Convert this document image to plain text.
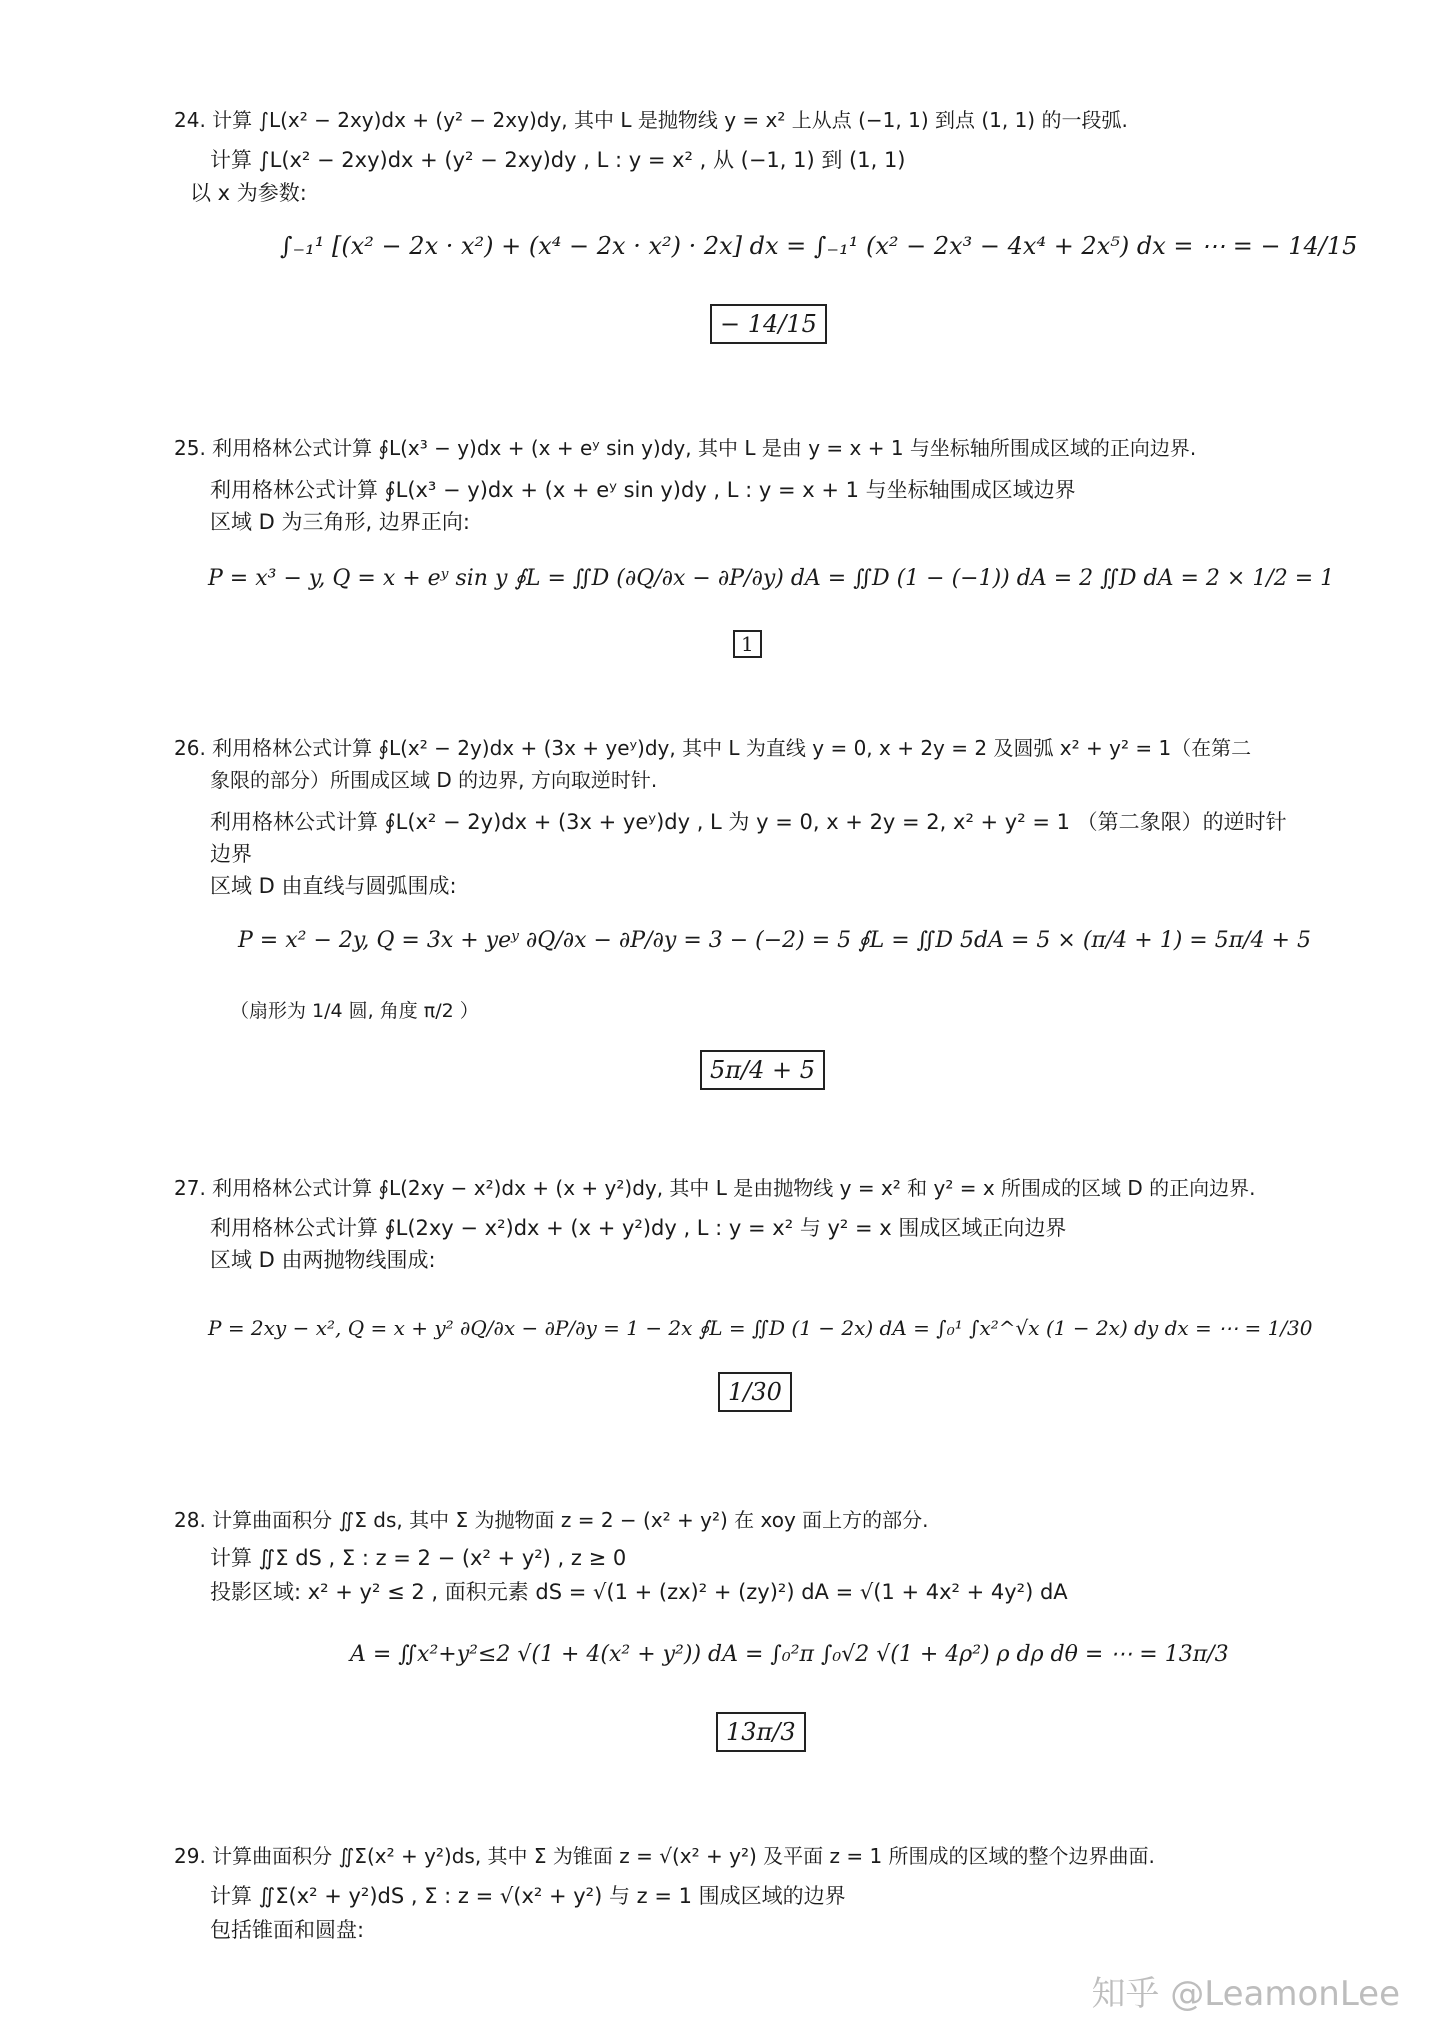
24. 计算 ∫L(x² − 2xy)dx + (y² − 2xy)dy, 其中 L 是抛物线 y = x² 上从点 (−1, 1) 到点 (1, 1) 的一段弧.
计算 ∫L(x² − 2xy)dx + (y² − 2xy)dy , L : y = x² , 从 (−1, 1) 到 (1, 1)
以 x 为参数:
∫₋₁¹ [(x² − 2x · x²) + (x⁴ − 2x · x²) · 2x] dx = ∫₋₁¹ (x² − 2x³ − 4x⁴ + 2x⁵) dx = ⋯ = − 14/15
− 14/15
25. 利用格林公式计算 ∮L(x³ − y)dx + (x + eʸ sin y)dy, 其中 L 是由 y = x + 1 与坐标轴所围成区域的正向边界.
利用格林公式计算 ∮L(x³ − y)dx + (x + eʸ sin y)dy , L : y = x + 1 与坐标轴围成区域边界
区域 D 为三角形, 边界正向:
P = x³ − y, Q = x + eʸ sin y ∮L = ∬D (∂Q/∂x − ∂P/∂y) dA = ∬D (1 − (−1)) dA = 2 ∬D dA = 2 × 1/2 = 1
1
26. 利用格林公式计算 ∮L(x² − 2y)dx + (3x + yeʸ)dy, 其中 L 为直线 y = 0, x + 2y = 2 及圆弧 x² + y² = 1（在第二
象限的部分）所围成区域 D 的边界, 方向取逆时针.
利用格林公式计算 ∮L(x² − 2y)dx + (3x + yeʸ)dy , L 为 y = 0, x + 2y = 2, x² + y² = 1 （第二象限）的逆时针
边界
区域 D 由直线与圆弧围成:
P = x² − 2y, Q = 3x + yeʸ ∂Q/∂x − ∂P/∂y = 3 − (−2) = 5 ∮L = ∬D 5dA = 5 × (π/4 + 1) = 5π/4 + 5
（扇形为 1/4 圆, 角度 π/2 ）
5π/4 + 5
27. 利用格林公式计算 ∮L(2xy − x²)dx + (x + y²)dy, 其中 L 是由抛物线 y = x² 和 y² = x 所围成的区域 D 的正向边界.
利用格林公式计算 ∮L(2xy − x²)dx + (x + y²)dy , L : y = x² 与 y² = x 围成区域正向边界
区域 D 由两抛物线围成:
P = 2xy − x², Q = x + y² ∂Q/∂x − ∂P/∂y = 1 − 2x ∮L = ∬D (1 − 2x) dA = ∫₀¹ ∫x²^√x (1 − 2x) dy dx = ⋯ = 1/30
1/30
28. 计算曲面积分 ∬Σ ds, 其中 Σ 为抛物面 z = 2 − (x² + y²) 在 xoy 面上方的部分.
计算 ∬Σ dS , Σ : z = 2 − (x² + y²) , z ≥ 0
投影区域: x² + y² ≤ 2 , 面积元素 dS = √(1 + (zx)² + (zy)²) dA = √(1 + 4x² + 4y²) dA
A = ∬x²+y²≤2 √(1 + 4(x² + y²)) dA = ∫₀²π ∫₀√2 √(1 + 4ρ²) ρ dρ dθ = ⋯ = 13π/3
13π/3
29. 计算曲面积分 ∬Σ(x² + y²)ds, 其中 Σ 为锥面 z = √(x² + y²) 及平面 z = 1 所围成的区域的整个边界曲面.
计算 ∬Σ(x² + y²)dS , Σ : z = √(x² + y²) 与 z = 1 围成区域的边界
包括锥面和圆盘:
知乎 @LeamonLee
